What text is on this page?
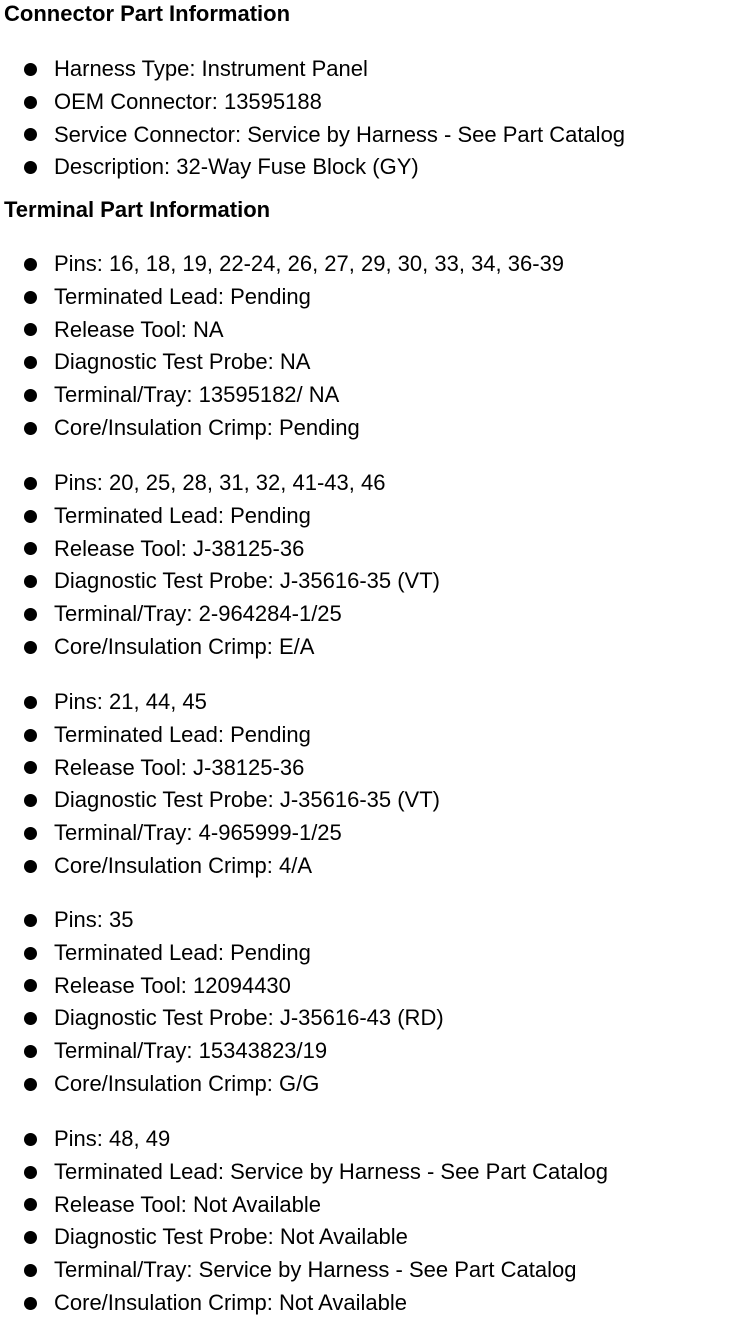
Connector Part Information
Harness Type: Instrument Panel
OEM Connector: 13595188
Service Connector: Service by Harness - See Part Catalog
Description: 32-Way Fuse Block (GY)
Terminal Part Information
Pins: 16, 18, 19, 22-24, 26, 27, 29, 30, 33, 34, 36-39
Terminated Lead: Pending
Release Tool: NA
Diagnostic Test Probe: NA
Terminal/Tray: 13595182/ NA
Core/Insulation Crimp: Pending
Pins: 20, 25, 28, 31, 32, 41-43, 46
Terminated Lead: Pending
Release Tool: J-38125-36
Diagnostic Test Probe: J-35616-35 (VT)
Terminal/Tray: 2-964284-1/25
Core/Insulation Crimp: E/A
Pins: 21, 44, 45
Terminated Lead: Pending
Release Tool: J-38125-36
Diagnostic Test Probe: J-35616-35 (VT)
Terminal/Tray: 4-965999-1/25
Core/Insulation Crimp: 4/A
Pins: 35
Terminated Lead: Pending
Release Tool: 12094430
Diagnostic Test Probe: J-35616-43 (RD)
Terminal/Tray: 15343823/19
Core/Insulation Crimp: G/G
Pins: 48, 49
Terminated Lead: Service by Harness - See Part Catalog
Release Tool: Not Available
Diagnostic Test Probe: Not Available
Terminal/Tray: Service by Harness - See Part Catalog
Core/Insulation Crimp: Not Available
